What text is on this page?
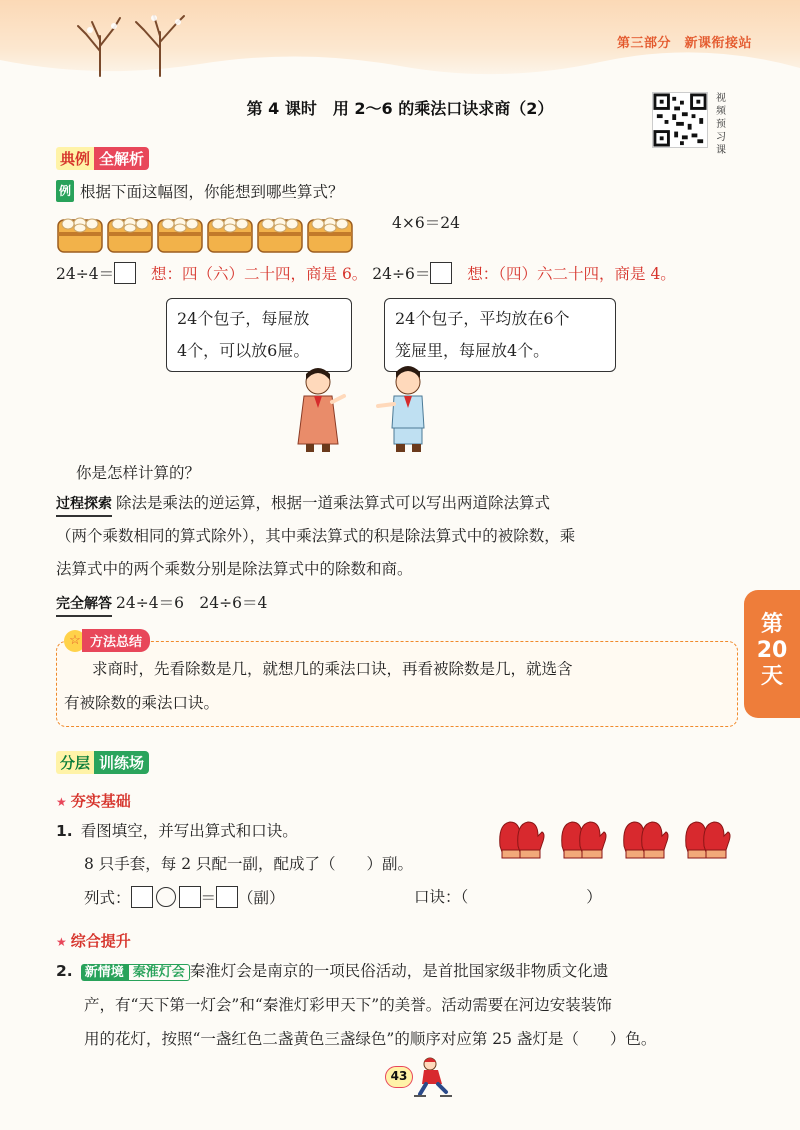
第三部分　新课衔接站
第 4 课时　用 2～6 的乘法口诀求商（2）
视
频
预
习
课
典例 全解析
例 根据下面这幅图，你能想到哪些算式？
4×6＝24
24÷4＝ 想：四（六）二十四，商是 6。 24÷6＝ 想：（四）六二十四，商是 4。
24个包子，每屉放
4个，可以放6屉。
24个包子，平均放在6个
笼屉里，每屉放4个。
你是怎样计算的？
过程探索 除法是乘法的逆运算，根据一道乘法算式可以写出两道除法算式
（两个乘数相同的算式除外），其中乘法算式的积是除法算式中的被除数，乘
法算式中的两个乘数分别是除法算式中的除数和商。
完全解答 24÷4＝6　24÷6＝4
☆ 方法总结
求商时，先看除数是几，就想几的乘法口诀，再看被除数是几，就选含
有被除数的乘法口诀。
第
20
天
分层 训练场
★ 夯实基础
1. 看图填空，并写出算式和口诀。
8 只手套，每 2 只配一副，配成了（　　）副。
列式：	＝ （副）	口诀：（	）
★ 综合提升
2. 新情境 秦淮灯会 秦淮灯会是南京的一项民俗活动，是首批国家级非物质文化遗
产，有“天下第一灯会”和“秦淮灯彩甲天下”的美誉。活动需要在河边安装装饰
用的花灯，按照“一盏红色二盏黄色三盏绿色”的顺序对应第 25 盏灯是（　　）色。
43
